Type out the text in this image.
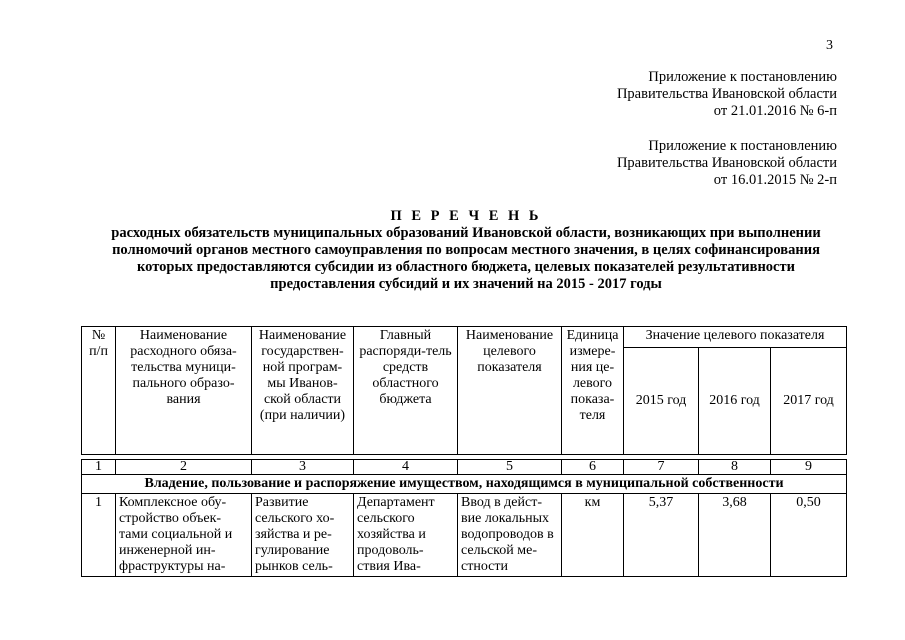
3
Приложение к постановлению
Правительства Ивановской области
от 21.01.2016 № 6-п
Приложение к постановлению
Правительства Ивановской области
от 16.01.2015 № 2-п
П Е Р Е Ч Е Н Ь
расходных обязательств муниципальных образований Ивановской области, возникающих при выполнении
полномочий органов местного самоуправления по вопросам местного значения, в целях софинансирования
которых предоставляются субсидии из областного бюджета, целевых показателей результативности
предоставления субсидий и их значений на 2015 - 2017 годы
№ п/п	Наименование расходного обяза-тельства муници-пального образо-вания	Наименование государствен-ной програм-мы Иванов-ской области (при наличии)	Главный распоряди-тель средств областного бюджета	Наименование целевого показателя	Единица измере-ния це-левого показа-теля	Значение целевого показателя		
						2015 год	2016 год	2017 год

1	2	3	4	5	6	7	8	9
Владение, пользование и распоряжение имуществом, находящимся в муниципальной собственности								
1	Комплексное обу-стройство объек-тами социальной и инженерной ин-фраструктуры на-	Развитие сельского хо-зяйства и ре-гулирование рынков сель-	Департамент сельского хозяйства и продоволь-ствия Ива-	Ввод в дейст-вие локальных водопроводов в сельской ме-стности	км	5,37	3,68	0,50
